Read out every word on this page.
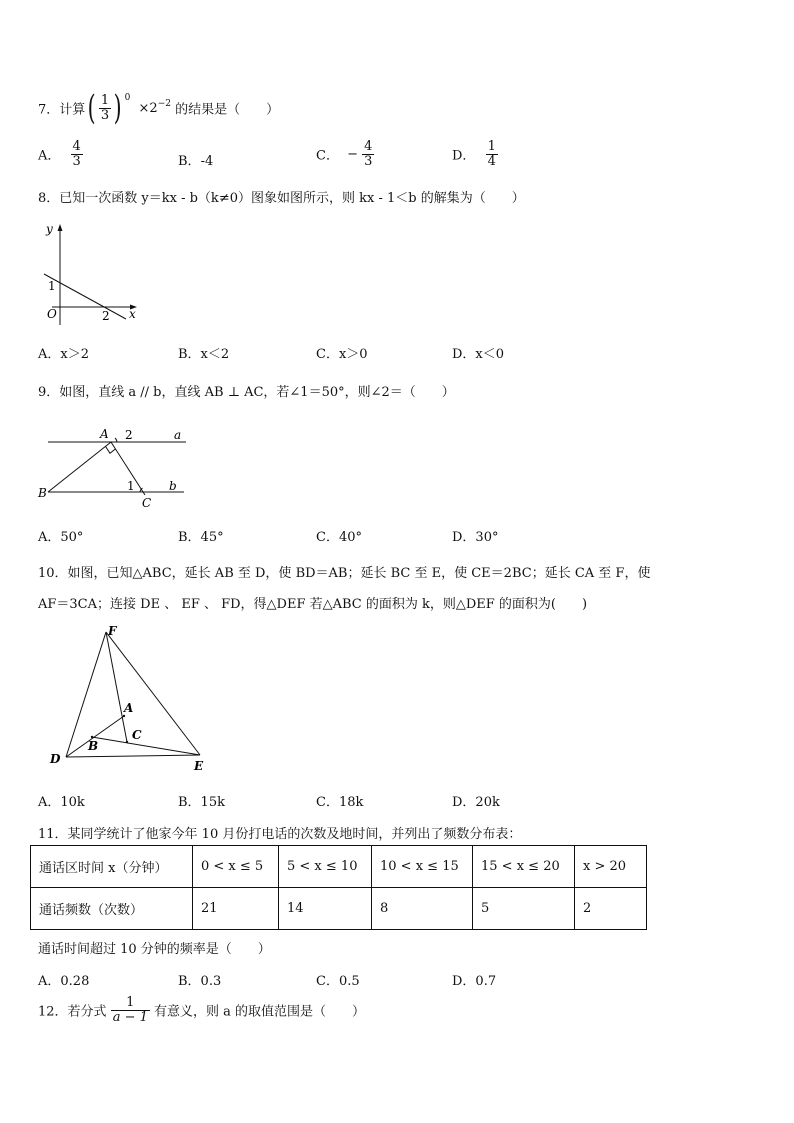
7．计算 ( $\frac{1}{3}$ ) $^0 \times 2^{-2}$ 的结果是（　　）
A． $\frac{4}{3}$	B．-4	C． − $\frac{4}{3}$	D． $\frac{1}{4}$
8．已知一次函数 y＝kx - b（k≠0）图象如图所示，则 kx - 1＜b 的解集为（　　）
y
x
O
1
2
A．x＞2	B．x＜2	C．x＞0	D．x＜0
9．如图，直线 a // b，直线 AB ⊥ AC，若∠1＝50°，则∠2＝（　　）
A 2	a
B	1	b
C
A．50°	B．45°	C．40°	D．30°
10．如图，已知△ABC，延长 AB 至 D，使 BD＝AB；延长 BC 至 E，使 CE＝2BC；延长 CA 至 F，使
AF＝3CA；连接 DE 、 EF 、 FD，得△DEF 若△ABC 的面积为 k，则△DEF 的面积为(　　)
F
A
C
B
D	E
A．10k	B．15k	C．18k	D．20k
11．某同学统计了他家今年 10 月份打电话的次数及地时间，并列出了频数分布表：
通话区时间 x（分钟）	0 < x ≤ 5	5 < x ≤ 10	10 < x ≤ 15	15 < x ≤ 20	x > 20
通话频数（次数）	21	14	8	5	2
通话时间超过 10 分钟的频率是（　　）
A．0.28	B．0.3	C．0.5	D．0.7
12．若分式 $\frac{1}{a - 1}$ 有意义，则 a 的取值范围是（　　）
